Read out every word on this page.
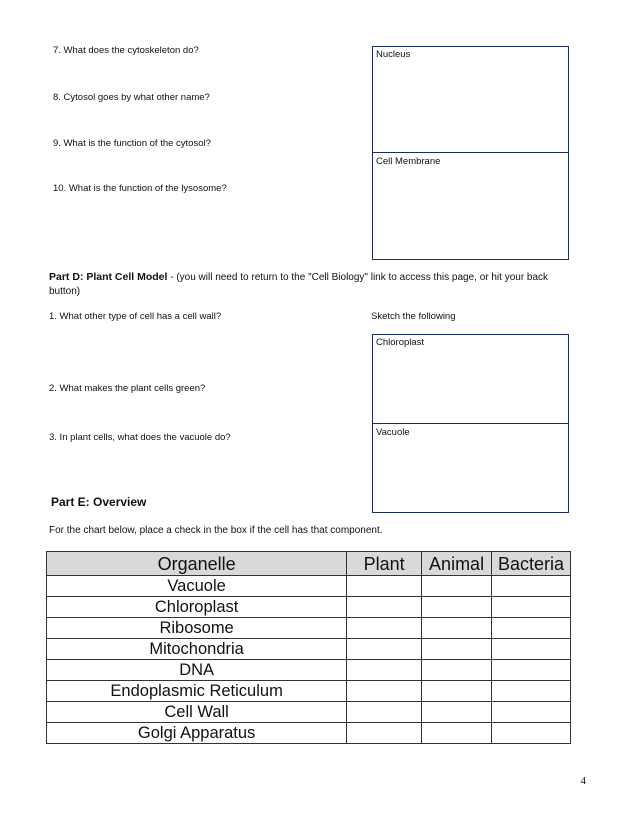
7. What does the cytoskeleton do?
8. Cytosol goes by what other name?
9. What is the function of the cytosol?
10. What is the function of the lysosome?
Nucleus
Cell Membrane
Part D: Plant Cell Model - (you will need to return to the "Cell Biology" link to access this page, or hit your back button)
1. What other type of cell has a cell wall?	Sketch the following
2. What makes the plant cells green?
3. In plant cells, what does the vacuole do?
Chloroplast
Vacuole
Part E: Overview
For the chart below, place a check in the box if the cell has that component.
Organelle	Plant	Animal	Bacteria
Vacuole			
Chloroplast			
Ribosome			
Mitochondria			
DNA			
Endoplasmic Reticulum			
Cell Wall			
Golgi Apparatus			
4
